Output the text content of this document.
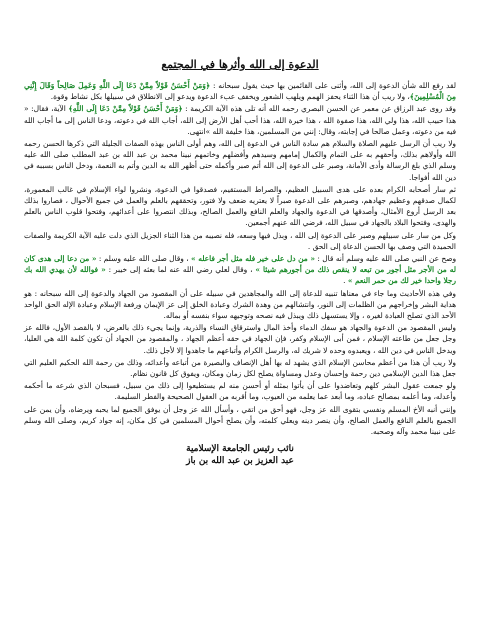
الدعوة إلى الله وأثرها في المجتمع

لقد رفع الله شأن الدعوة إلى الله، وأثنى على القائمين بها حيث يقول سبحانه : ﴿وَمَنْ أَحْسَنُ قَوْلاً مِمَّنْ دَعَا إِلَى اللَّهِ وَعَمِلَ صَالِحاً وَقَالَ إِنَّنِي مِنَ الْمُسْلِمِينَ﴾، ولا ريب أن هذا الثناء يحفز الهمم ويلهب الشعور ويخفف عبء الدعوة ويدعو إلى الانطلاق في سبيلها بكل نشاط وقوة.

وقد روى عبد الرزاق عن معمر عن الحسن البصري رحمه الله أنه تلى هذه الآية الكريمة : ﴿وَمَنْ أَحْسَنُ قَوْلاً مِمَّنْ دَعَا إِلَى اللَّهِ﴾ الآية، فقال: « هذا حبيب الله، هذا ولي الله، هذا صفوة الله ، هذا خيرة الله، هذا أحب أهل الأرض إلى الله، أجاب الله في دعوته، ودعا الناس إلى ما أجاب الله فيه من دعوته، وعمل صالحا في إجابته، وقال: إنني من المسلمين، هذا خليفة الله »انتهى.

ولا ريب أن الرسل عليهم الصلاة والسلام هم سادة الناس في الدعوة إلى الله، وهم أولى الناس بهذه الصفات الجليلة التي ذكرها الحسن رحمه الله وأولاهم بذلك، وأحقهم به على التمام والكمال إمامهم وسيدهم وأفضلهم وخاتمهم نبينا محمد بن عبد الله بن عبد المطلب صلى الله عليه وسلم الذي بلغ الرسالة وأدى الأمانة، وصبر على الدعوة إلى الله أتم صبر وأكمله حتى أظهر الله به الدين وأتم به النعمة، ودخل الناس بسببه في دين الله أفواجا.

ثم سار أصحابه الكرام بعده على هدى السبيل العظيم، والصراط المستقيم، فصدقوا في الدعوة، ونشروا لواء الإسلام في غالب المعمورة، لكمال صدقهم وعظيم جهادهم، وصبرهم على الدعوة صبراً لا يعتريه ضعف ولا فتور، وتحققهم بالعلم والعمل في جميع الأحوال ، فصاروا بذلك بعد الرسل أروع الأمثال، وأصدقها في الدعوة والجهاد والعلم النافع والعمل الصالح، وبذلك انتصروا على أعدائهم، وفتحوا قلوب الناس بالعلم والهدى، وفتحوا البلاد بالجهاد في سبيل الله، فرضي الله عنهم أجمعين.

وكل من سار على سبيلهم وصبر على الدعوة إلى الله ، وبذل فيها وسعه، فله نصيبه من هذا الثناء الجزيل الذي دلت عليه الآية الكريمة والصفات الحميدة التي وصف بها الحسن الدعاة إلى الحق .

وصح عن النبي صلى الله عليه وسلم أنه قال : « من دل على خير فله مثل أجر فاعله » ، وقال صلى الله عليه وسلم : « من دعا إلى هدى كان له من الأجر مثل أجور من تبعه لا ينقص ذلك من أجورهم شيئا » ، وقال لعلي رضي الله عنه لما بعثه إلى خيبر : « فوالله لأن يهدي الله بك رجلا واحدا خير لك من حمر النعم » .

وفي هذه الأحاديث وما جاء في معناها تنبيه للدعاة إلى الله والمجاهدين في سبيله على أن المقصود من الجهاد والدعوة إلى الله سبحانه : هو هداية البشر وإخراجهم من الظلمات إلى النور، وانتشالهم من وهدة الشرك وعبادة الخلق إلى عز الإيمان ورفعة الإسلام وعبادة الإله الحق الواحد الأحد الذي تصلح العبادة لغيره ، وإلا يستسهل ذلك ويبذل فيه نصحه وتوجيهه سواء بنفسه أو بماله.

وليس المقصود من الدعوة والجهاد هو سفك الدماء وأخذ المال واسترقاق النساء والذرية، وإنما يجيء ذلك بالعرض، لا بالقصد الأول، فالله عز وجل جعل من طاعته الإسلام ، فمن أبى الإسلام وكفر، فإن الجهاد في حقه أعظم الجهاد ، والمقصود من الجهاد أن تكون كلمة الله هي العليا، ويدخل الناس في دين الله ، ويعبدوه وحده لا شريك له، والرسل الكرام وأتباعهم ما جاهدوا إلا لأجل ذلك.

ولا ريب أن هذا من أعظم محاسن الإسلام الذي يشهد له بها أهل الإنصاف والبصيرة من أتباعه وأعدائه، وذلك من رحمة الله الحكيم العليم التي جعل هذا الدين الإسلامي دين رحمة وإحسان وعدل ومساواة يصلح لكل زمان ومكان، ويفوق كل قانون نظام.

ولو جمعت عقول البشر كلهم وتعاضدوا على أن يأتوا بمثله أو أحسن منه لم يستطيعوا إلى ذلك من سبيل، فسبحان الذي شرعه ما أحكمه وأعدله، وما أعلمه بمصالح عباده، وما أبعد عما يعلمه من العيوب، وما أقربه من العقول الصحيحة والفطر السليمة.

وإنني أنبه الأخ المسلم ونفسي بتقوى الله عز وجل، فهو أحق من اتقي ، وأسأل الله عز وجل أن يوفق الجميع لما يحبه ويرضاه، وأن يمن على الجميع بالعلم النافع والعمل الصالح، وأن ينصر دينه ويعلي كلمته، وأن يصلح أحوال المسلمين في كل مكان، إنه جواد كريم، وصلى الله وسلم على نبينا محمد وآله وصحبه.

نائب رئيس الجامعة الإسلامية
عبد العزيز بن عبد الله بن باز
